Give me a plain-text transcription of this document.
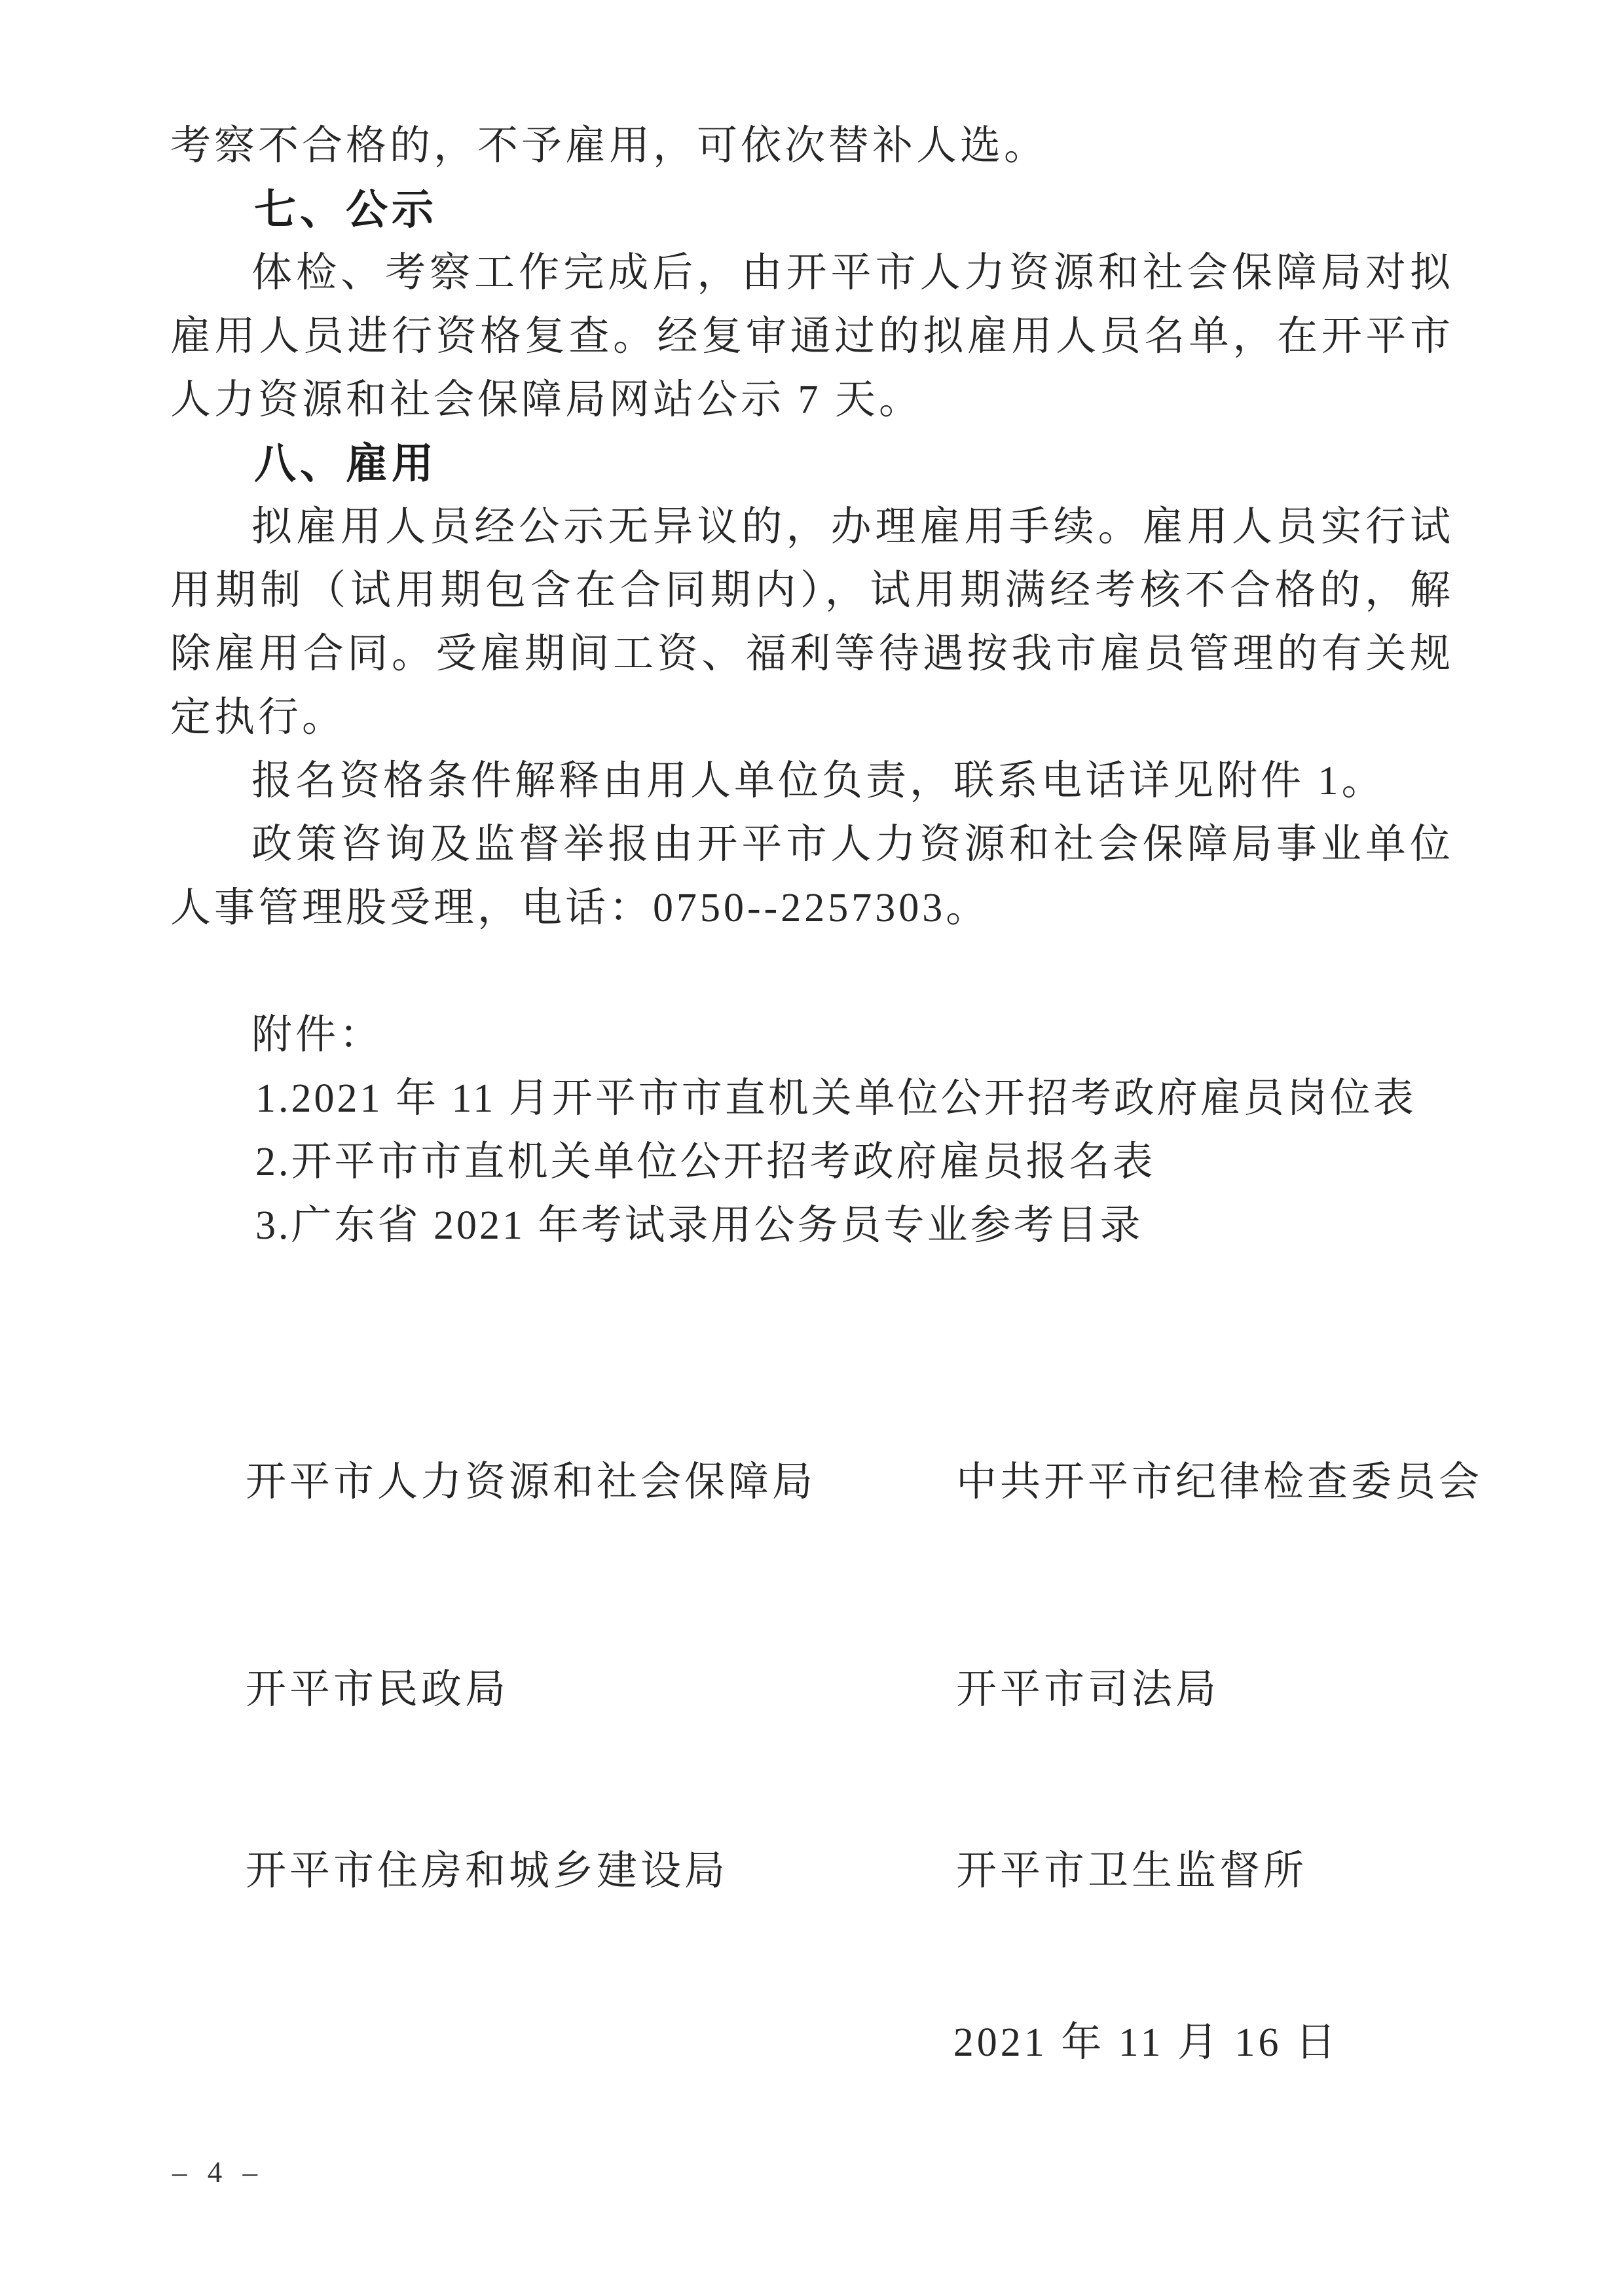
考察不合格的，不予雇用，可依次替补人选。

七、公示

体检、考察工作完成后，由开平市人力资源和社会保障局对拟雇用人员进行资格复查。经复审通过的拟雇用人员名单，在开平市人力资源和社会保障局网站公示 7 天。

八、雇用

拟雇用人员经公示无异议的，办理雇用手续。雇用人员实行试用期制（试用期包含在合同期内），试用期满经考核不合格的，解除雇用合同。受雇期间工资、福利等待遇按我市雇员管理的有关规定执行。

报名资格条件解释由用人单位负责，联系电话详见附件 1。

政策咨询及监督举报由开平市人力资源和社会保障局事业单位人事管理股受理，电话：0750--2257303。

附件：

1.2021 年 11 月开平市市直机关单位公开招考政府雇员岗位表

2.开平市市直机关单位公开招考政府雇员报名表

3.广东省 2021 年考试录用公务员专业参考目录

开平市人力资源和社会保障局	中共开平市纪律检查委员会
开平市民政局	开平市司法局
开平市住房和城乡建设局	开平市卫生监督所

2021 年 11 月 16 日

– 4 –
